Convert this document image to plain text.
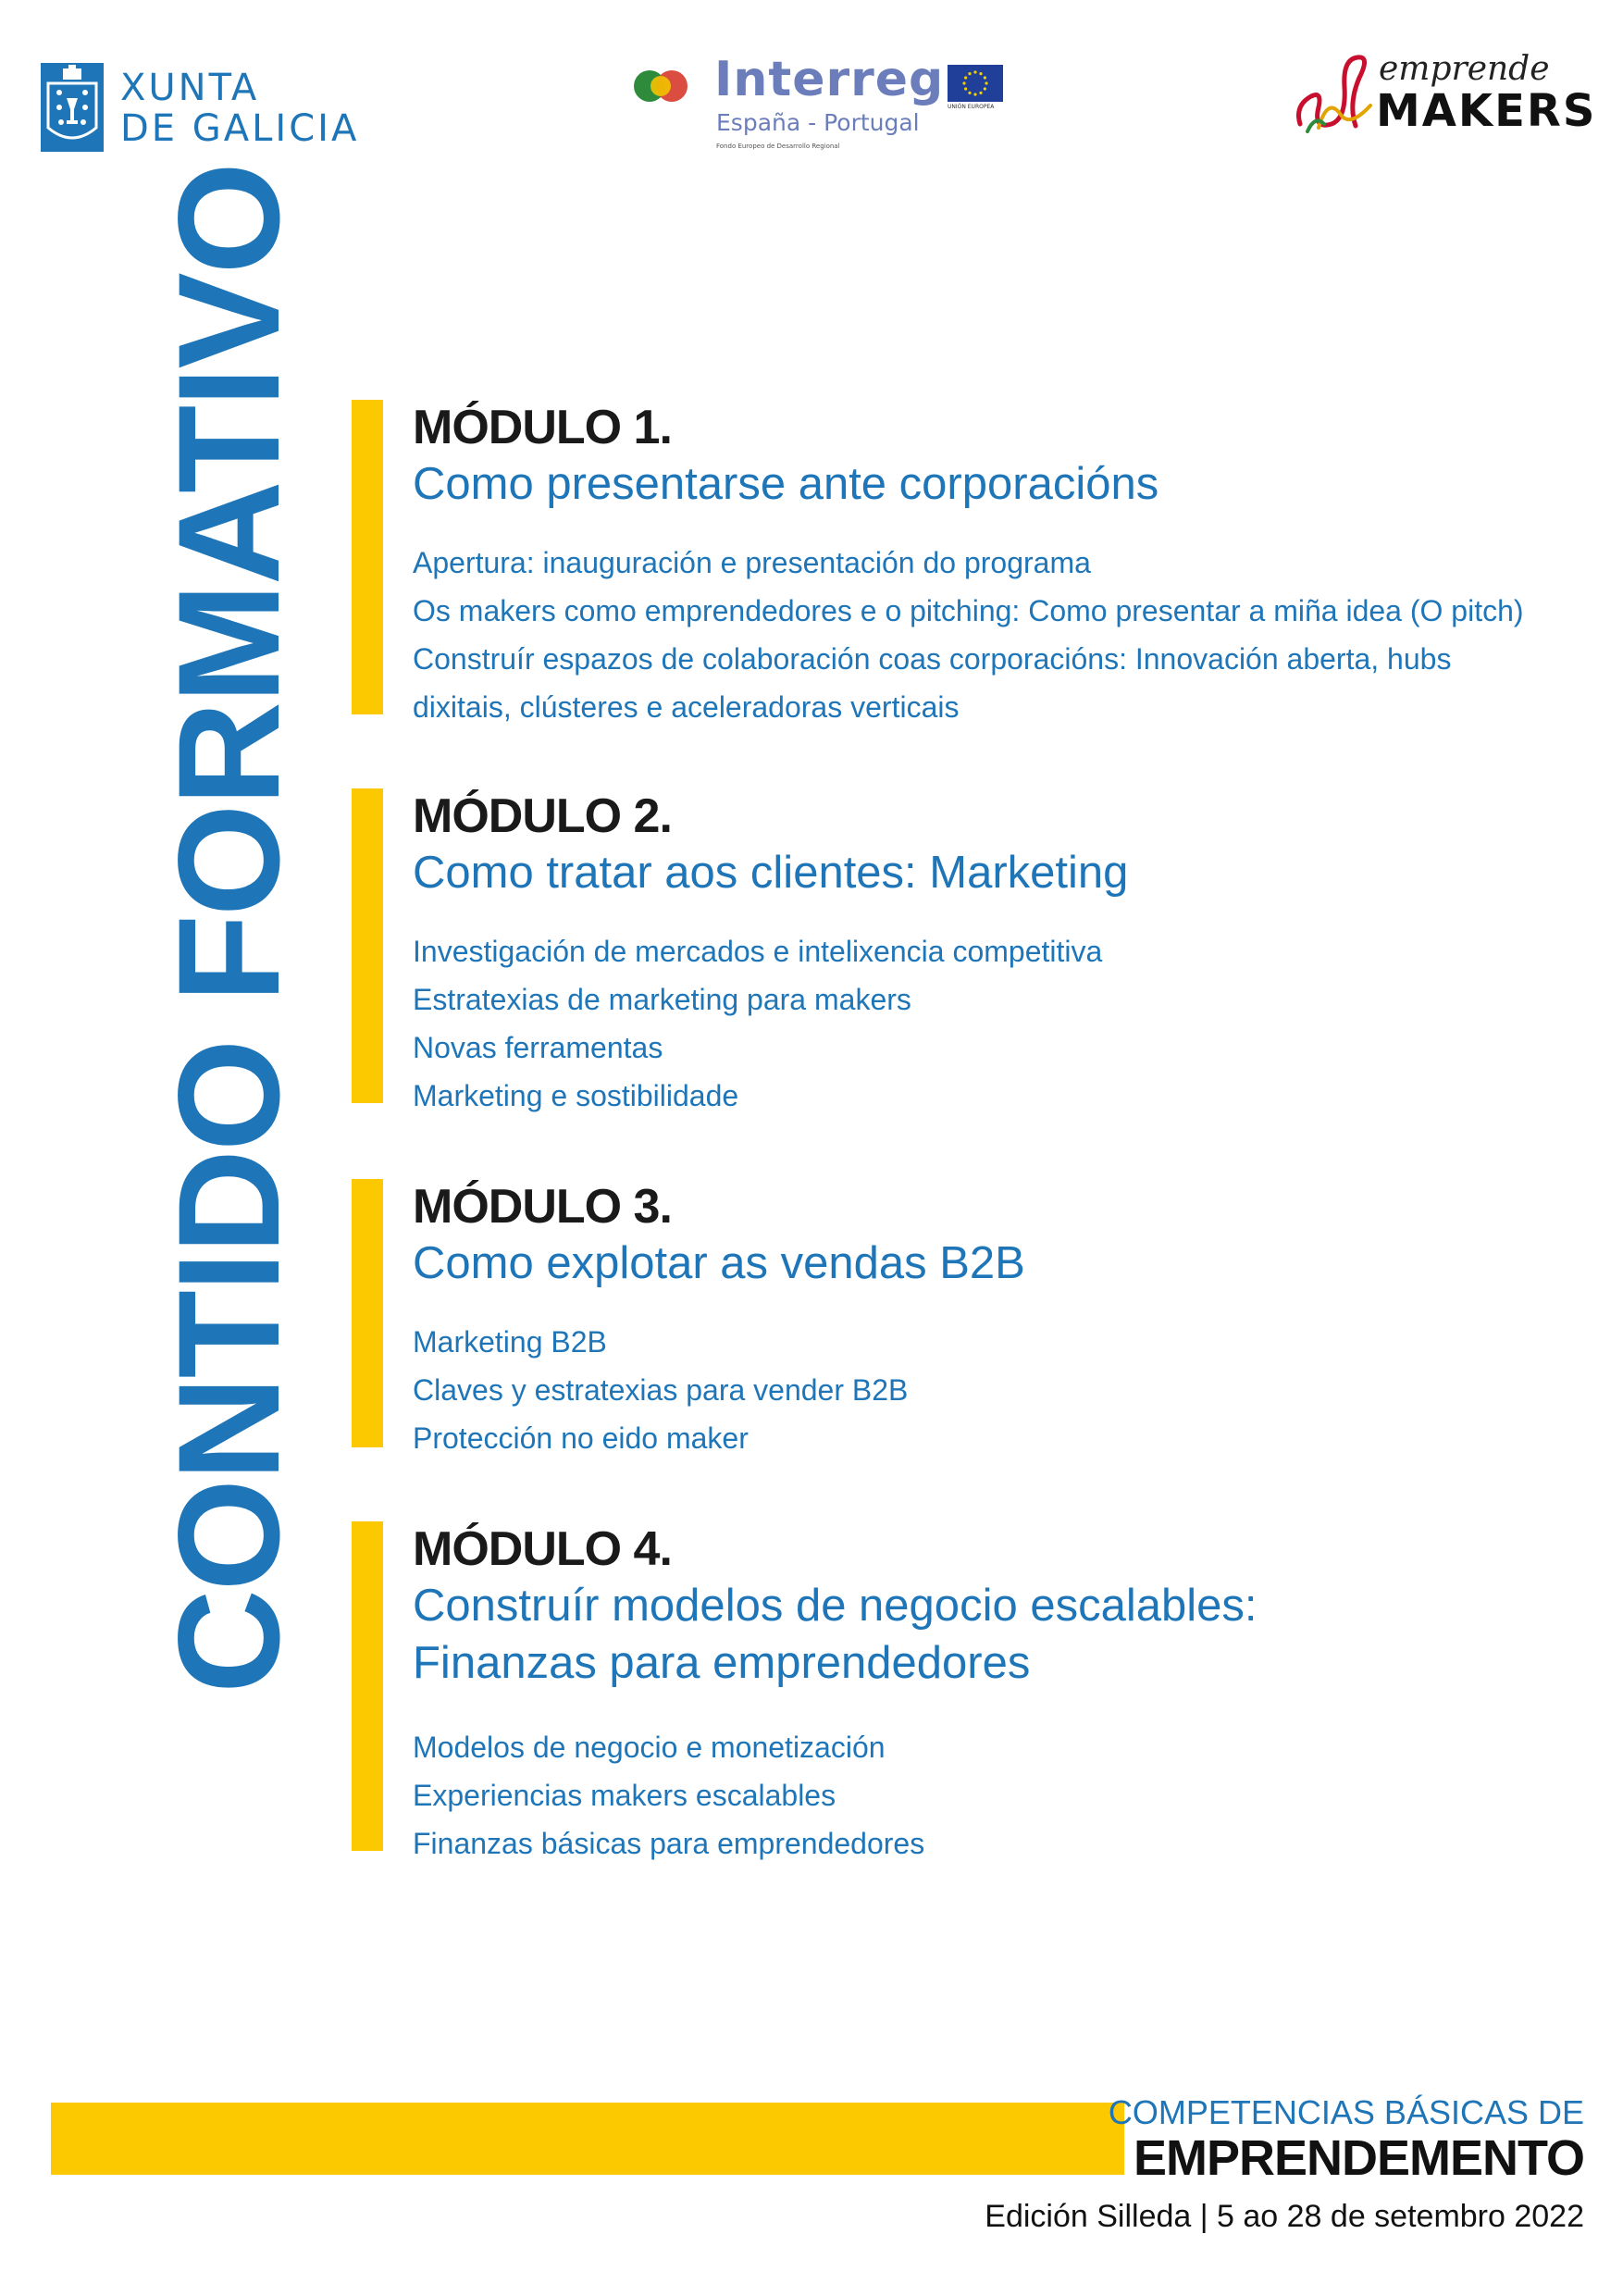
XUNTA
DE GALICIA
Interreg
España - Portugal
Fondo Europeo de Desarrollo Regional
UNIÓN EUROPEA
emprende
MAKERS
CONTIDO FORMATIVO MÓDULO 1.
Como presentarse ante corporacións
Apertura: inauguración e presentación do programa
Os makers como emprendedores e o pitching: Como presentar a miña idea (O pitch)
Construír espazos de colaboración coas corporacións: Innovación aberta, hubs
dixitais, clústeres e aceleradoras verticais
MÓDULO 2.
Como tratar aos clientes: Marketing
Investigación de mercados e intelixencia competitiva
Estratexias de marketing para makers
Novas ferramentas
Marketing e sostibilidade
MÓDULO 3.
Como explotar as vendas B2B
Marketing B2B
Claves y estratexias para vender B2B
Protección no eido maker
MÓDULO 4.
Construír modelos de negocio escalables:
Finanzas para emprendedores
Modelos de negocio e monetización
Experiencias makers escalables
Finanzas básicas para emprendedores
COMPETENCIAS BÁSICAS DE
EMPRENDEMENTO
Edición Silleda | 5 ao 28 de setembro 2022
